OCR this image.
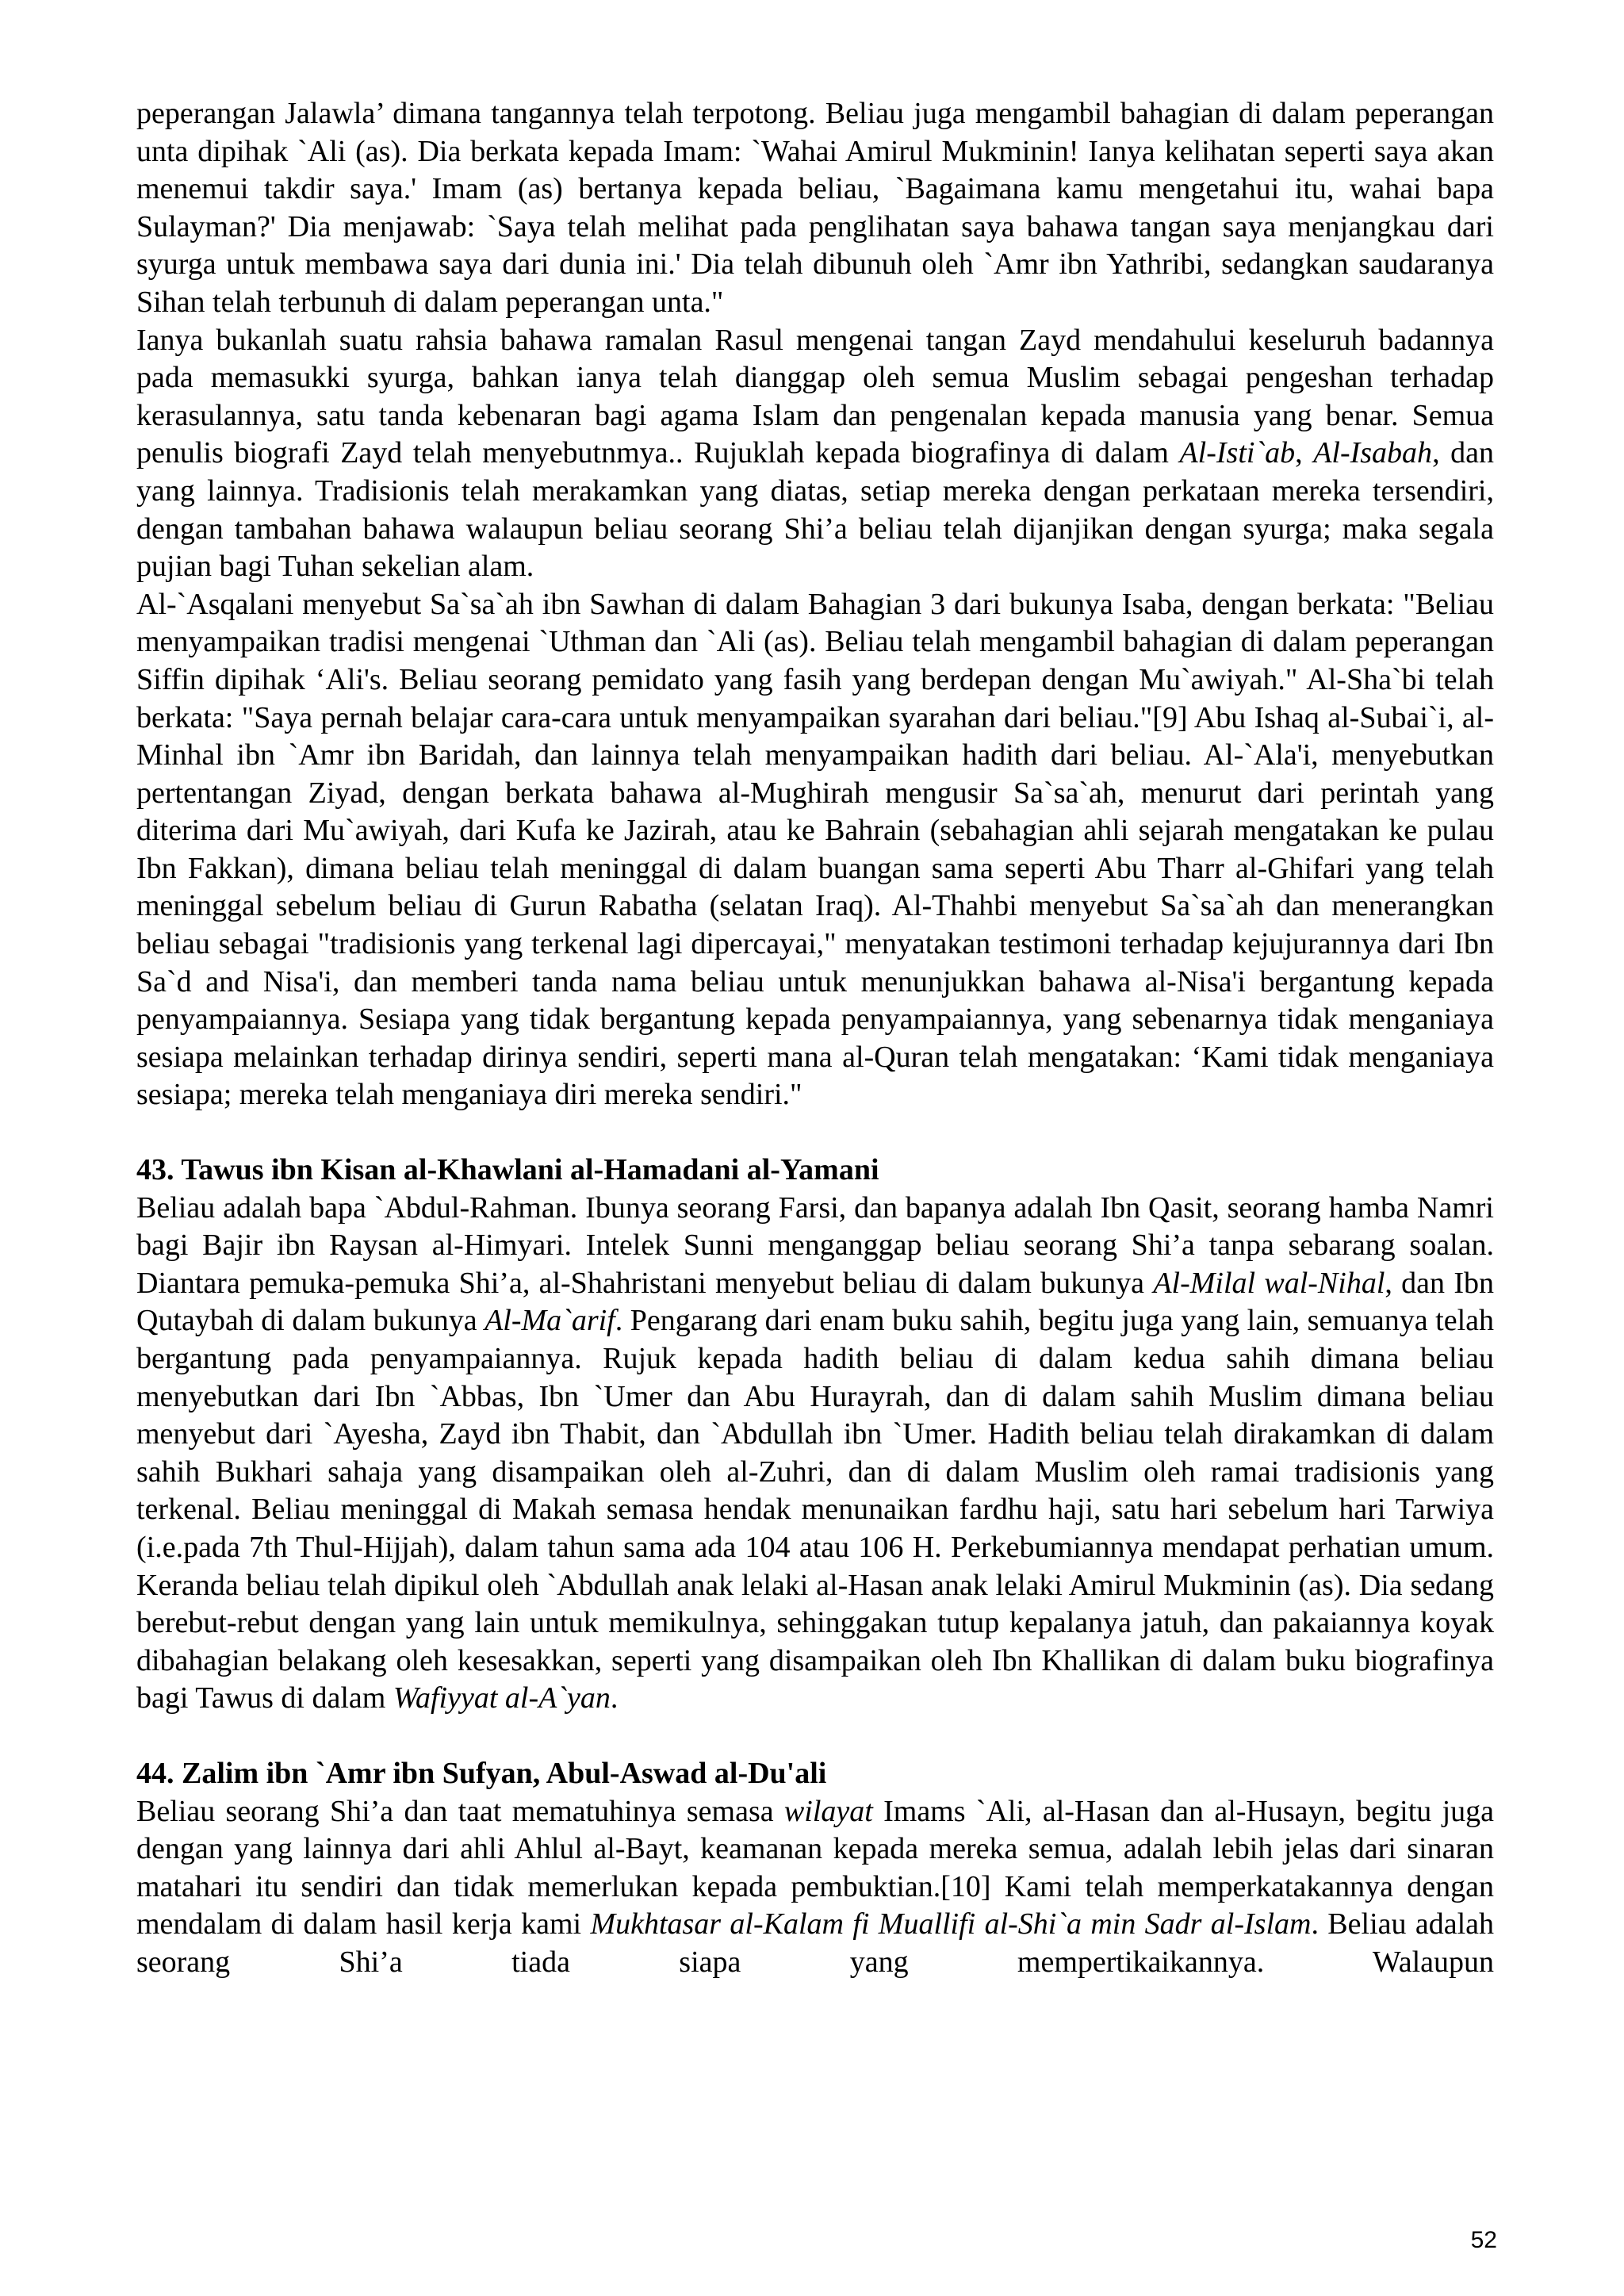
peperangan Jalawla’ dimana tangannya telah terpotong. Beliau juga mengambil bahagian di dalam peperangan unta dipihak `Ali (as). Dia berkata kepada Imam: `Wahai Amirul Mukminin! Ianya kelihatan seperti saya akan menemui takdir saya.' Imam (as) bertanya kepada beliau, `Bagaimana kamu mengetahui itu, wahai bapa Sulayman?' Dia menjawab: `Saya telah melihat pada penglihatan saya bahawa tangan saya menjangkau dari syurga untuk membawa saya dari dunia ini.' Dia telah dibunuh oleh `Amr ibn Yathribi, sedangkan saudaranya Sihan telah terbunuh di dalam peperangan unta."

Ianya bukanlah suatu rahsia bahawa ramalan Rasul mengenai tangan Zayd mendahului keseluruh badannya pada memasukki syurga, bahkan ianya telah dianggap oleh semua Muslim sebagai pengeshan terhadap kerasulannya, satu tanda kebenaran bagi agama Islam dan pengenalan kepada manusia yang benar. Semua penulis biografi Zayd telah menyebutnmya.. Rujuklah kepada biografinya di dalam Al-Isti`ab, Al-Isabah, dan yang lainnya. Tradisionis telah merakamkan yang diatas, setiap mereka dengan perkataan mereka tersendiri, dengan tambahan bahawa walaupun beliau seorang Shi’a beliau telah dijanjikan dengan syurga; maka segala pujian bagi Tuhan sekelian alam.

Al-`Asqalani menyebut Sa`sa`ah ibn Sawhan di dalam Bahagian 3 dari bukunya Isaba, dengan berkata: "Beliau menyampaikan tradisi mengenai `Uthman dan `Ali (as). Beliau telah mengambil bahagian di dalam peperangan Siffin dipihak ‘Ali's. Beliau seorang pemidato yang fasih yang berdepan dengan Mu`awiyah." Al-Sha`bi telah berkata: "Saya pernah belajar cara-cara untuk menyampaikan syarahan dari beliau."[9] Abu Ishaq al-Subai`i, al-Minhal ibn `Amr ibn Baridah, dan lainnya telah menyampaikan hadith dari beliau. Al-`Ala'i, menyebutkan pertentangan Ziyad, dengan berkata bahawa al-Mughirah mengusir Sa`sa`ah, menurut dari perintah yang diterima dari Mu`awiyah, dari Kufa ke Jazirah, atau ke Bahrain (sebahagian ahli sejarah mengatakan ke pulau Ibn Fakkan), dimana beliau telah meninggal di dalam buangan sama seperti Abu Tharr al-Ghifari yang telah meninggal sebelum beliau di Gurun Rabatha (selatan Iraq). Al-Thahbi menyebut Sa`sa`ah dan menerangkan beliau sebagai "tradisionis yang terkenal lagi dipercayai," menyatakan testimoni terhadap kejujurannya dari Ibn Sa`d and Nisa'i, dan memberi tanda nama beliau untuk menunjukkan bahawa al-Nisa'i bergantung kepada penyampaiannya. Sesiapa yang tidak bergantung kepada penyampaiannya, yang sebenarnya tidak menganiaya sesiapa melainkan terhadap dirinya sendiri, seperti mana al-Quran telah mengatakan: ‘Kami tidak menganiaya sesiapa; mereka telah menganiaya diri mereka sendiri."

43. Tawus ibn Kisan al-Khawlani al-Hamadani al-Yamani

Beliau adalah bapa `Abdul-Rahman. Ibunya seorang Farsi, dan bapanya adalah Ibn Qasit, seorang hamba Namri bagi Bajir ibn Raysan al-Himyari. Intelek Sunni menganggap beliau seorang Shi’a tanpa sebarang soalan. Diantara pemuka-pemuka Shi’a, al-Shahristani menyebut beliau di dalam bukunya Al-Milal wal-Nihal, dan Ibn Qutaybah di dalam bukunya Al-Ma`arif. Pengarang dari enam buku sahih, begitu juga yang lain, semuanya telah bergantung pada penyampaiannya. Rujuk kepada hadith beliau di dalam kedua sahih dimana beliau menyebutkan dari Ibn `Abbas, Ibn `Umer dan Abu Hurayrah, dan di dalam sahih Muslim dimana beliau menyebut dari `Ayesha, Zayd ibn Thabit, dan `Abdullah ibn `Umer. Hadith beliau telah dirakamkan di dalam sahih Bukhari sahaja yang disampaikan oleh al-Zuhri, dan di dalam Muslim oleh ramai tradisionis yang terkenal. Beliau meninggal di Makah semasa hendak menunaikan fardhu haji, satu hari sebelum hari Tarwiya (i.e.pada 7th Thul-Hijjah), dalam tahun sama ada 104 atau 106 H. Perkebumiannya mendapat perhatian umum. Keranda beliau telah dipikul oleh `Abdullah anak lelaki al-Hasan anak lelaki Amirul Mukminin (as). Dia sedang berebut-rebut dengan yang lain untuk memikulnya, sehinggakan tutup kepalanya jatuh, dan pakaiannya koyak dibahagian belakang oleh kesesakkan, seperti yang disampaikan oleh Ibn Khallikan di dalam buku biografinya bagi Tawus di dalam Wafiyyat al-A`yan.

44. Zalim ibn `Amr ibn Sufyan, Abul-Aswad al-Du'ali

Beliau seorang Shi’a dan taat mematuhinya semasa wilayat Imams `Ali, al-Hasan dan al-Husayn, begitu juga dengan yang lainnya dari ahli Ahlul al-Bayt, keamanan kepada mereka semua, adalah lebih jelas dari sinaran matahari itu sendiri dan tidak memerlukan kepada pembuktian.[10] Kami telah memperkatakannya dengan mendalam di dalam hasil kerja kami Mukhtasar al-Kalam fi Muallifi al-Shi`a min Sadr al-Islam. Beliau adalah seorang Shi’a tiada siapa yang mempertikaikannya. Walaupun

52
